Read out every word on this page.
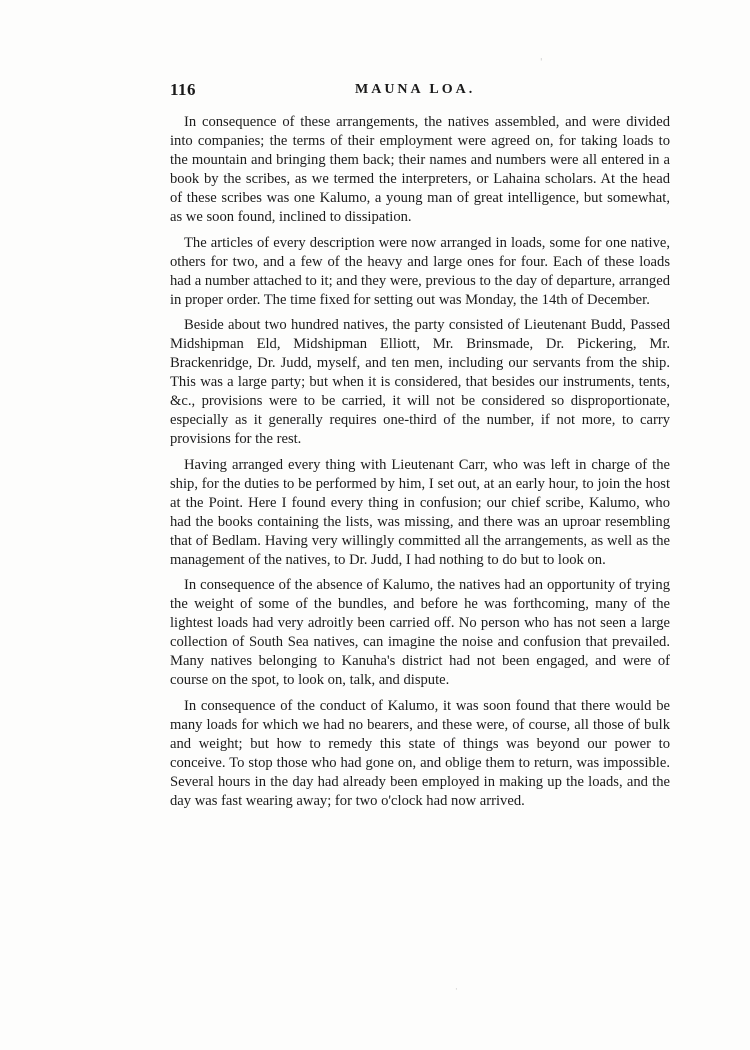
116	MAUNA LOA.

In consequence of these arrangements, the natives assembled, and were divided into companies; the terms of their employment were agreed on, for taking loads to the mountain and bringing them back; their names and numbers were all entered in a book by the scribes, as we termed the interpreters, or Lahaina scholars. At the head of these scribes was one Kalumo, a young man of great intelligence, but somewhat, as we soon found, inclined to dissipation.

The articles of every description were now arranged in loads, some for one native, others for two, and a few of the heavy and large ones for four. Each of these loads had a number attached to it; and they were, previous to the day of departure, arranged in proper order. The time fixed for setting out was Monday, the 14th of December.

Beside about two hundred natives, the party consisted of Lieutenant Budd, Passed Midshipman Eld, Midshipman Elliott, Mr. Brinsmade, Dr. Pickering, Mr. Brackenridge, Dr. Judd, myself, and ten men, including our servants from the ship. This was a large party; but when it is considered, that besides our instruments, tents, &c., provisions were to be carried, it will not be considered so disproportionate, especially as it generally requires one-third of the number, if not more, to carry provisions for the rest.

Having arranged every thing with Lieutenant Carr, who was left in charge of the ship, for the duties to be performed by him, I set out, at an early hour, to join the host at the Point. Here I found every thing in confusion; our chief scribe, Kalumo, who had the books containing the lists, was missing, and there was an uproar resembling that of Bedlam. Having very willingly committed all the arrangements, as well as the management of the natives, to Dr. Judd, I had nothing to do but to look on.

In consequence of the absence of Kalumo, the natives had an opportunity of trying the weight of some of the bundles, and before he was forthcoming, many of the lightest loads had very adroitly been carried off. No person who has not seen a large collection of South Sea natives, can imagine the noise and confusion that prevailed. Many natives belonging to Kanuha's district had not been engaged, and were of course on the spot, to look on, talk, and dispute.

In consequence of the conduct of Kalumo, it was soon found that there would be many loads for which we had no bearers, and these were, of course, all those of bulk and weight; but how to remedy this state of things was beyond our power to conceive. To stop those who had gone on, and oblige them to return, was impossible. Several hours in the day had already been employed in making up the loads, and the day was fast wearing away; for two o'clock had now arrived.

'
·
